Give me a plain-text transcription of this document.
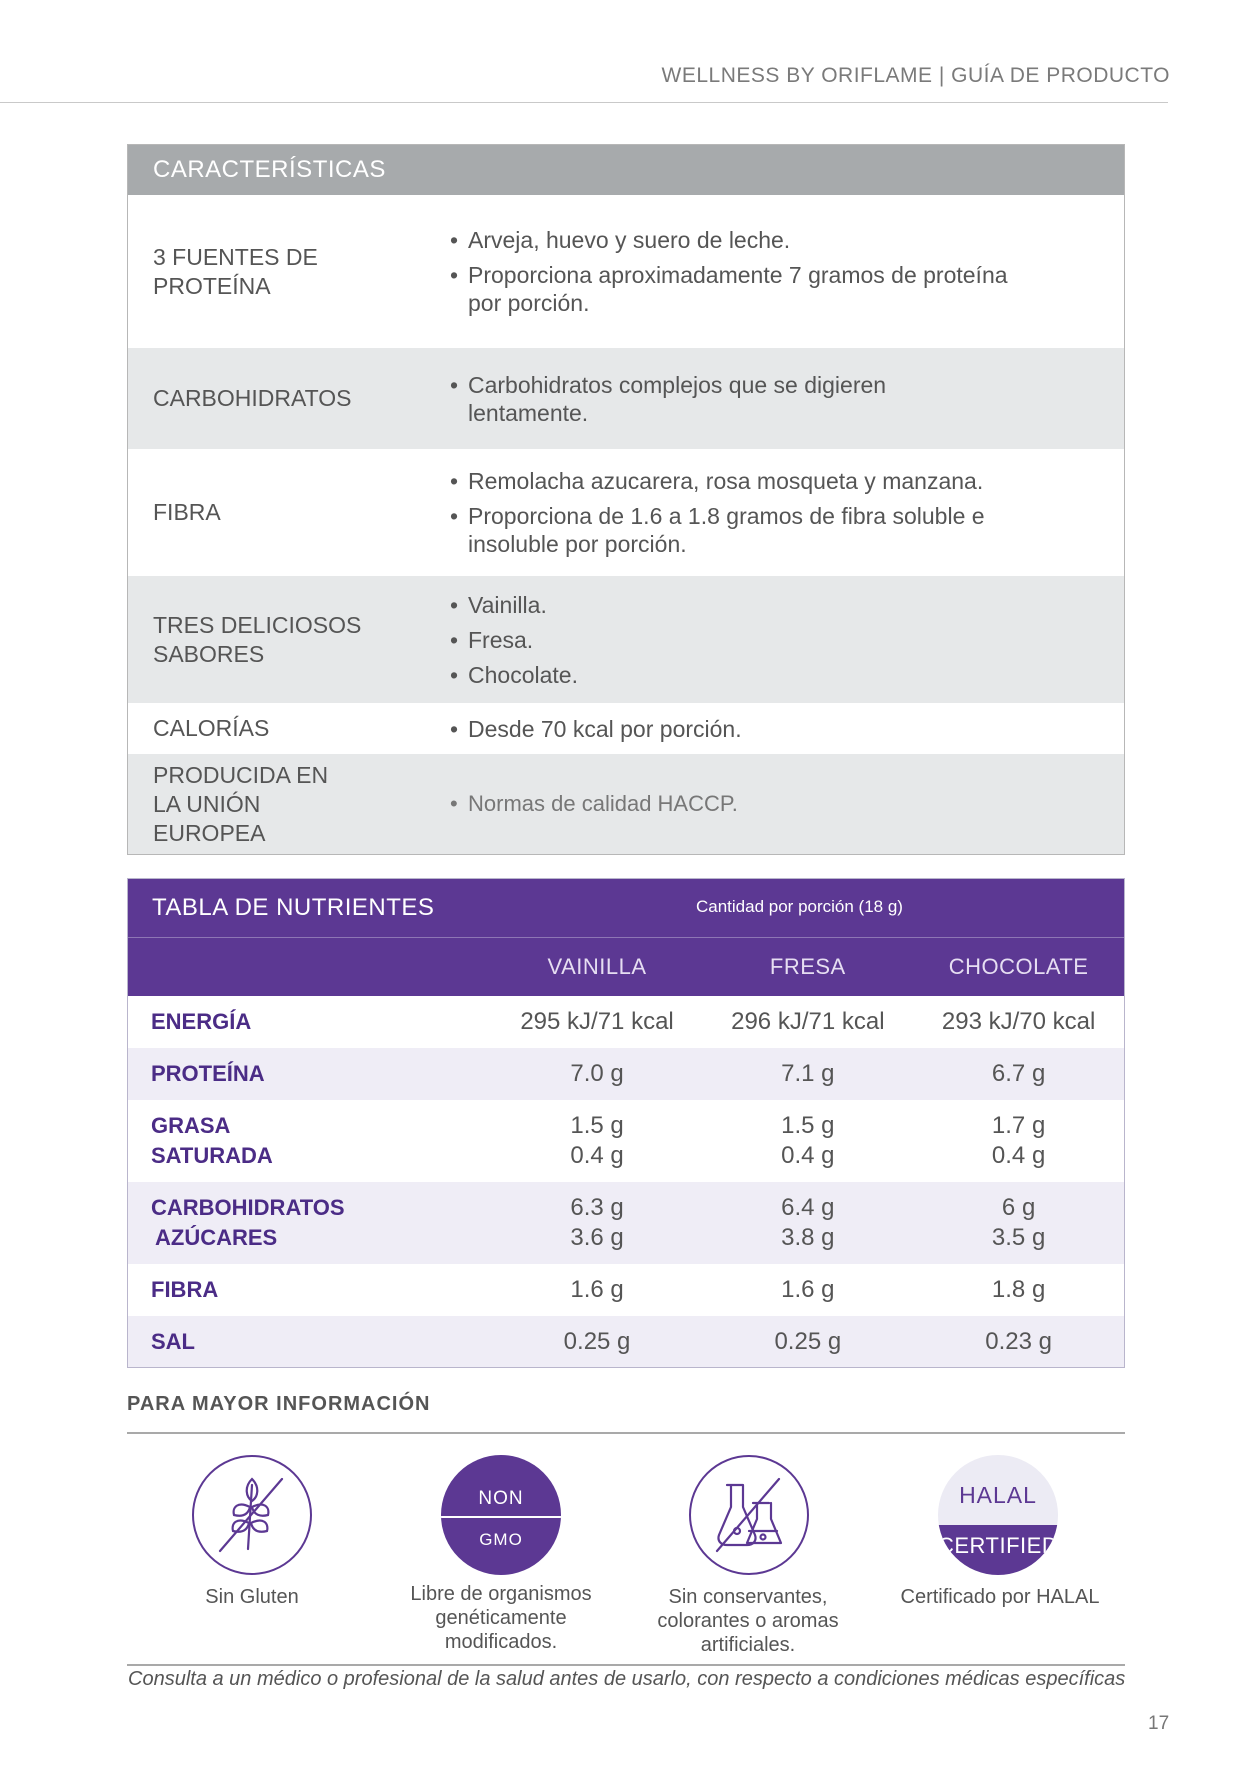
WELLNESS BY ORIFLAME | GUÍA DE PRODUCTO
CARACTERÍSTICAS
3 FUENTES DE PROTEÍNA
• Arveja, huevo y suero de leche.
• Proporciona aproximadamente 7 gramos de proteína por porción.
CARBOHIDRATOS
• Carbohidratos complejos que se digieren lentamente.
FIBRA
• Remolacha azucarera, rosa mosqueta y manzana.
• Proporciona de 1.6 a 1.8 gramos de fibra soluble e insoluble por porción.
TRES DELICIOSOS SABORES
• Vainilla.
• Fresa.
• Chocolate.
CALORÍAS
•	Desde 70 kcal por porción.
PRODUCIDA EN LA UNIÓN EUROPEA
• Normas de calidad HACCP.
TABLA DE NUTRIENTES	Cantidad por porción (18 g)
VAINILLA	FRESA	CHOCOLATE
ENERGÍA	295 kJ/71 kcal	296 kJ/71 kcal	293 kJ/70 kcal
PROTEÍNA	7.0 g	7.1 g	6.7 g
GRASA
SATURADA
1.5 g
0.4 g
1.5 g
0.4 g
1.7 g
0.4 g
CARBOHIDRATOS
AZÚCARES
6.3 g
3.6 g
6.4 g
3.8 g
6 g
3.5 g
FIBRA	1.6 g	1.6 g	1.8 g
SAL	0.25 g	0.25 g	0.23 g
PARA MAYOR INFORMACIÓN
Sin Gluten
NON
GMO
Libre de organismos genéticamente modificados.
Sin conservantes, colorantes o aromas artificiales.
HALAL
CERTIFIED
Certificado por HALAL
Consulta a un médico o profesional de la salud antes de usarlo, con respecto a condiciones médicas específicas
17
